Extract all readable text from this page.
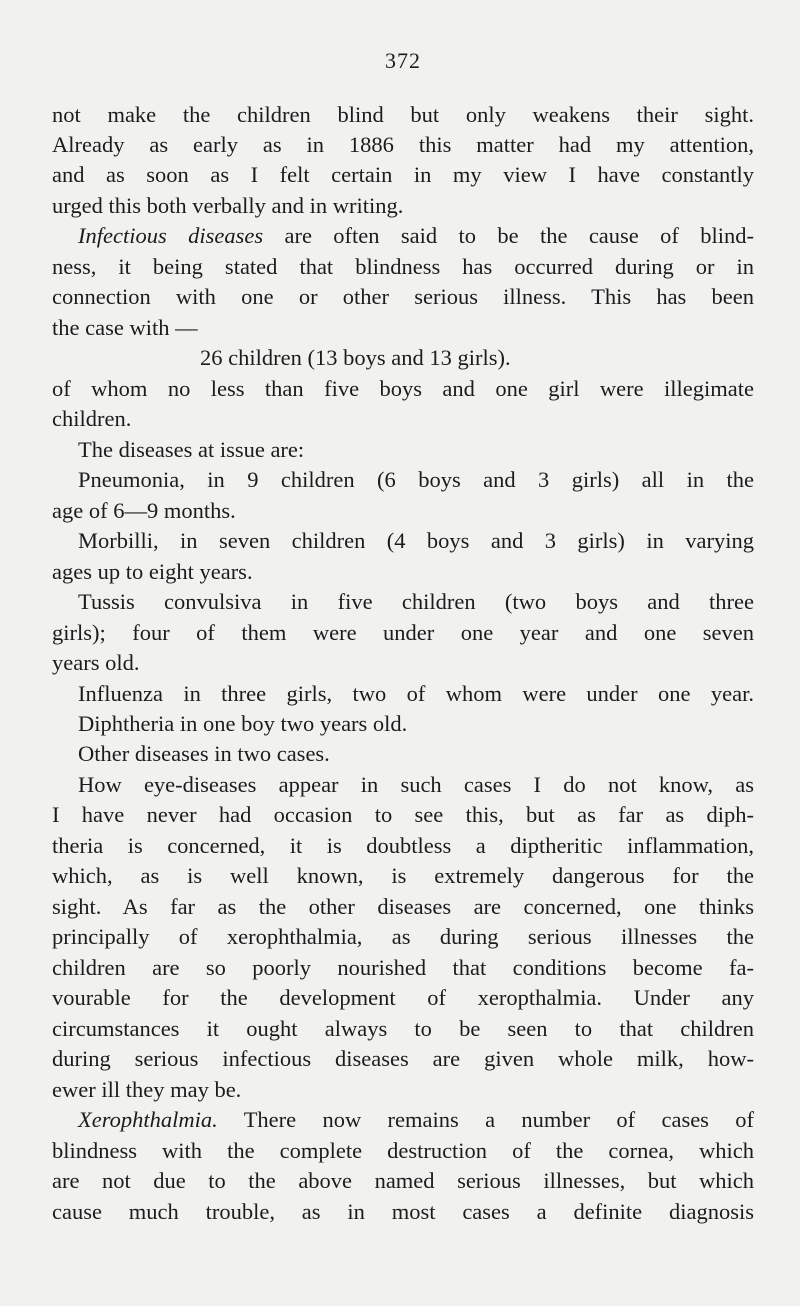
372
not make the children blind but only weakens their sight.
Already as early as in 1886 this matter had my attention,
and as soon as I felt certain in my view I have constantly
urged this both verbally and in writing.
Infectious diseases are often said to be the cause of blind-
ness, it being stated that blindness has occurred during or in
connection with one or other serious illness. This has been
the case with —
26 children (13 boys and 13 girls).
of whom no less than five boys and one girl were illegimate
children.
The diseases at issue are:
Pneumonia, in 9 children (6 boys and 3 girls) all in the
age of 6—9 months.
Morbilli, in seven children (4 boys and 3 girls) in varying
ages up to eight years.
Tussis convulsiva in five children (two boys and three
girls); four of them were under one year and one seven
years old.
Influenza in three girls, two of whom were under one year.
Diphtheria in one boy two years old.
Other diseases in two cases.
How eye-diseases appear in such cases I do not know, as
I have never had occasion to see this, but as far as diph-
theria is concerned, it is doubtless a diptheritic inflammation,
which, as is well known, is extremely dangerous for the
sight. As far as the other diseases are concerned, one thinks
principally of xerophthalmia, as during serious illnesses the
children are so poorly nourished that conditions become fa-
vourable for the development of xeropthalmia. Under any
circumstances it ought always to be seen to that children
during serious infectious diseases are given whole milk, how-
ewer ill they may be.
Xerophthalmia. There now remains a number of cases of
blindness with the complete destruction of the cornea, which
are not due to the above named serious illnesses, but which
cause much trouble, as in most cases a definite diagnosis
